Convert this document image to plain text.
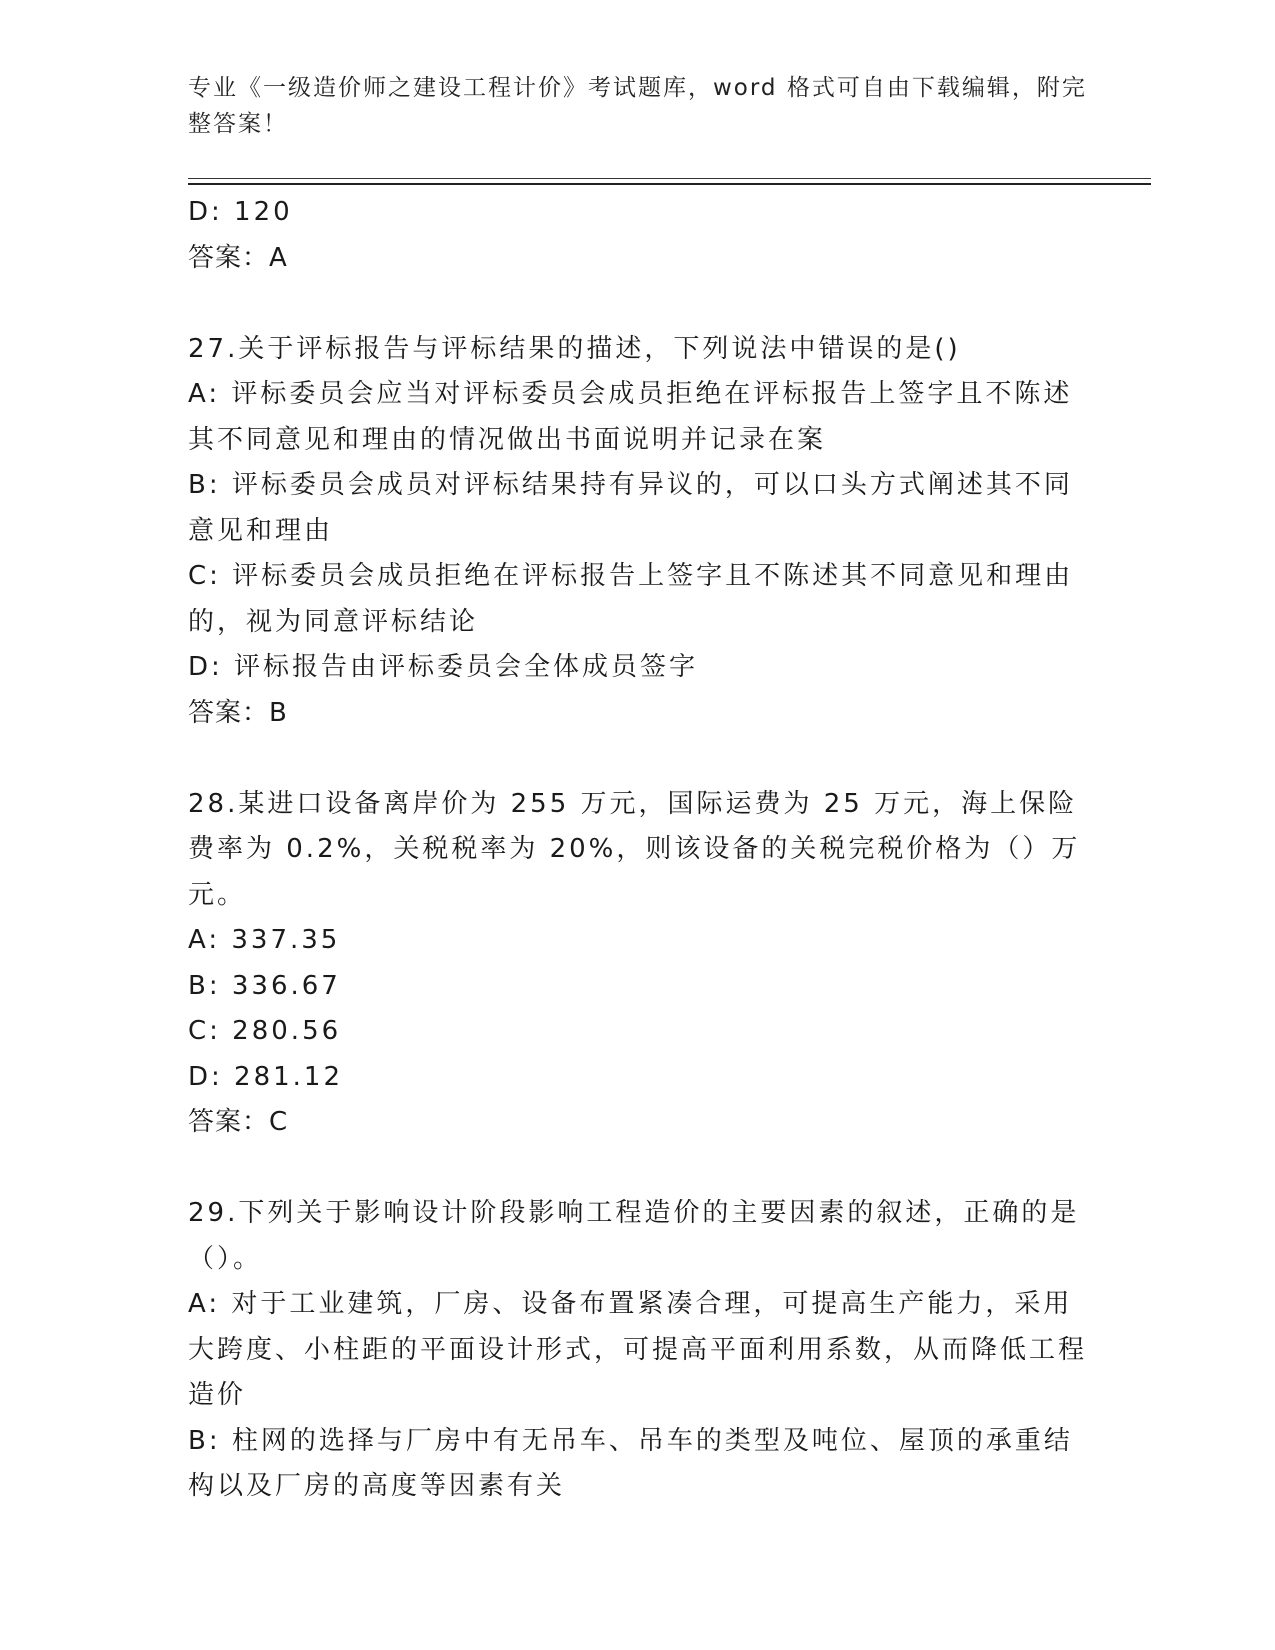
专业《一级造价师之建设工程计价》考试题库，word 格式可自由下载编辑，附完整答案！

D: 120

答案：A

27.关于评标报告与评标结果的描述，下列说法中错误的是()

A: 评标委员会应当对评标委员会成员拒绝在评标报告上签字且不陈述其不同意见和理由的情况做出书面说明并记录在案

B: 评标委员会成员对评标结果持有异议的，可以口头方式阐述其不同意见和理由

C: 评标委员会成员拒绝在评标报告上签字且不陈述其不同意见和理由的，视为同意评标结论

D: 评标报告由评标委员会全体成员签字

答案：B

28.某进口设备离岸价为 255 万元，国际运费为 25 万元，海上保险费率为 0.2%，关税税率为 20%，则该设备的关税完税价格为（）万元。

A: 337.35

B: 336.67

C: 280.56

D: 281.12

答案：C

29.下列关于影响设计阶段影响工程造价的主要因素的叙述，正确的是（）。

A: 对于工业建筑，厂房、设备布置紧凑合理，可提高生产能力，采用大跨度、小柱距的平面设计形式，可提高平面利用系数，从而降低工程造价

B: 柱网的选择与厂房中有无吊车、吊车的类型及吨位、屋顶的承重结构以及厂房的高度等因素有关
